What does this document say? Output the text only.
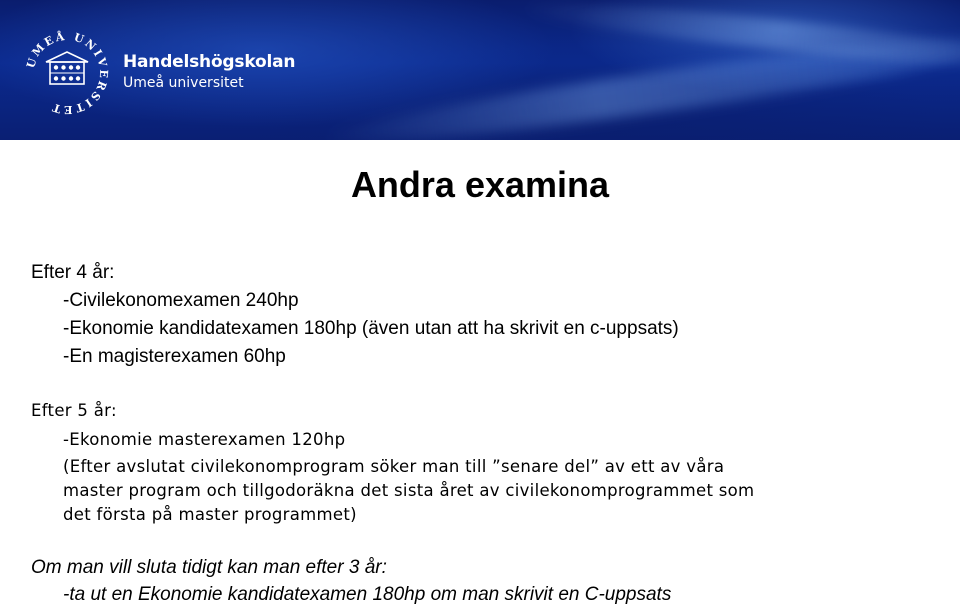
UMEÅ UNIVERSITET
Handelshögskolan
Umeå universitet
Andra examina

Efter 4 år:

-Civilekonomexamen 240hp

-Ekonomie kandidatexamen 180hp (även utan att ha skrivit en c-uppsats)

-En magisterexamen 60hp

Efter 5 år:

-Ekonomie masterexamen 120hp

(Efter avslutat civilekonomprogram söker man till ”senare del” av ett av våra

master program och tillgodoräkna det sista året av civilekonomprogrammet som

det första på master programmet)

Om man vill sluta tidigt kan man efter 3 år:

-ta ut en Ekonomie kandidatexamen 180hp om man skrivit en C-uppsats
